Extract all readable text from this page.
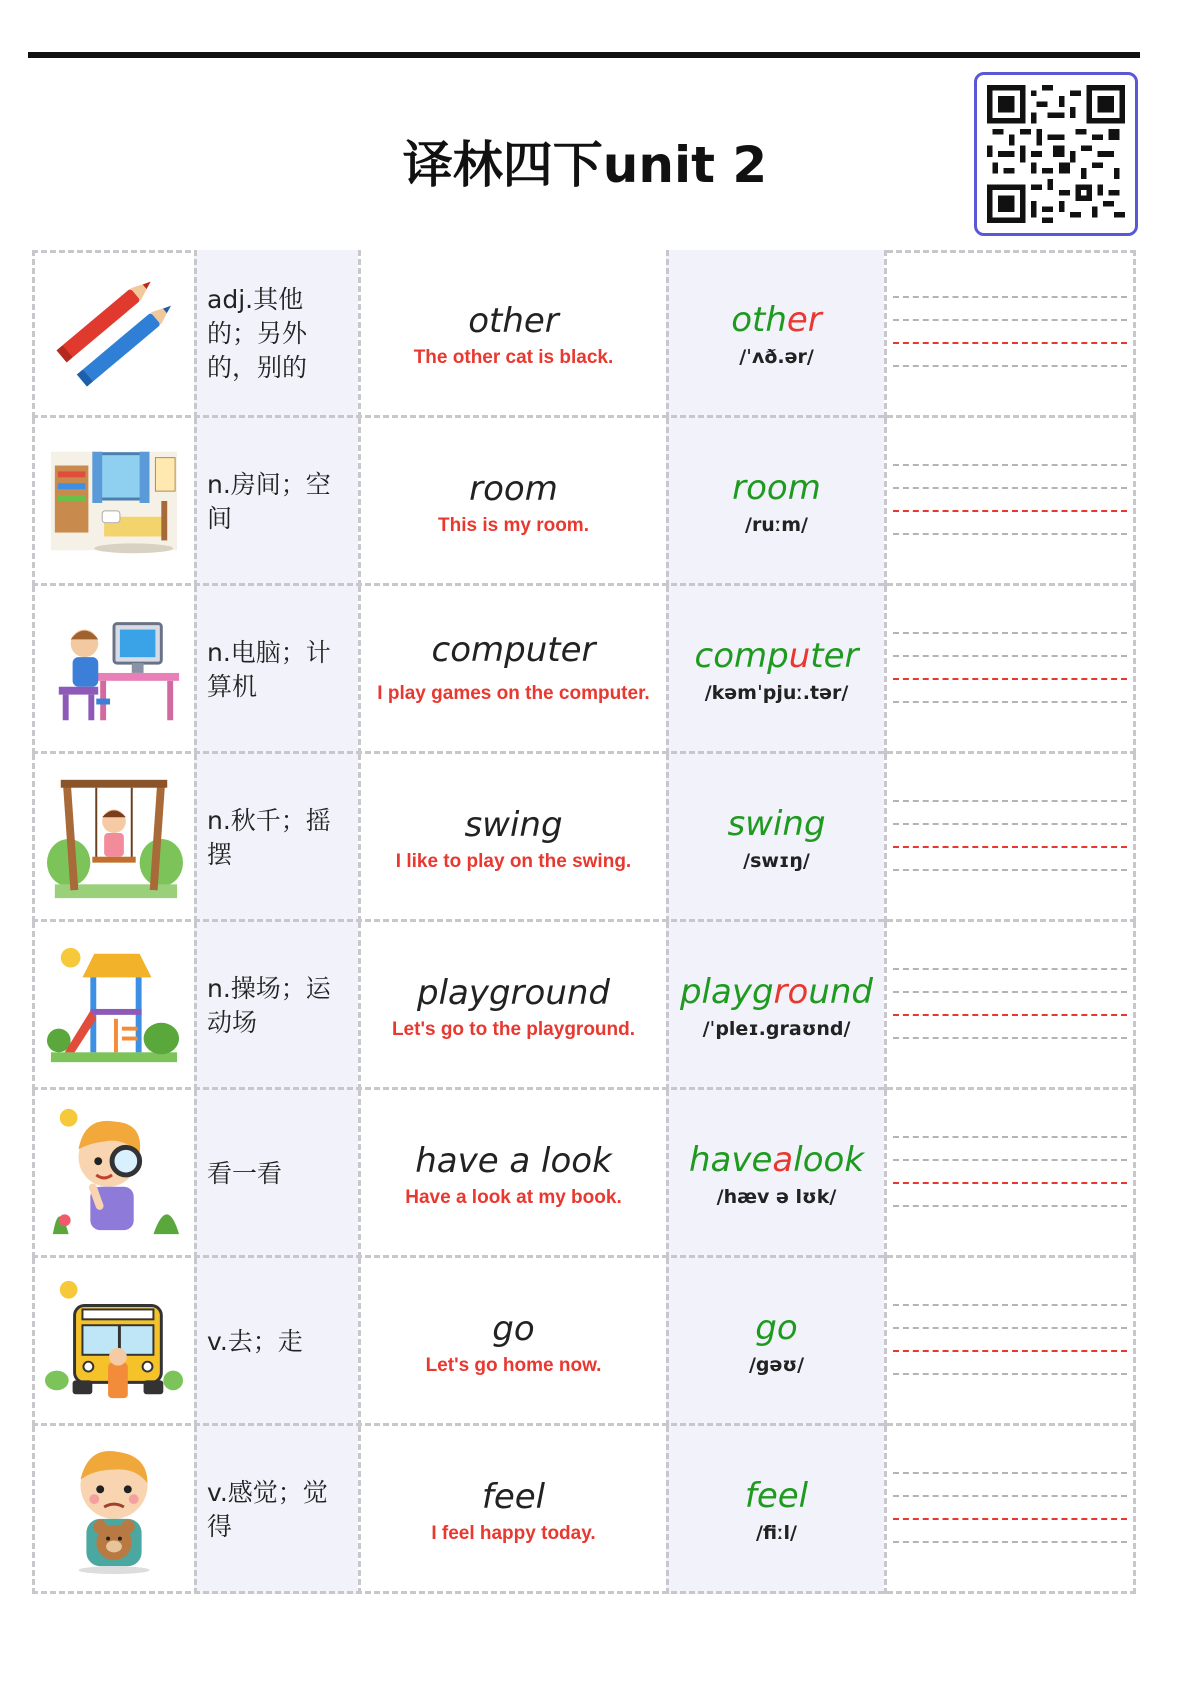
译林四下unit 2
adj.其他的；另外的，别的
other
The other cat is black.
other
/ˈʌð.ər/
n.房间；空间
room
This is my room.
room
/ruːm/
n.电脑；计算机
computer
I play games on the computer.
computer
/kəmˈpjuː.tər/
n.秋千；摇摆
swing
I like to play on the swing.
swing
/swɪŋ/
n.操场；运动场
playground
Let's go to the playground.
playground
/ˈpleɪ.graʊnd/
看一看	have a look
Have a look at my book.
havealook
/hæv ə lʊk/
v.去；走	go
Let's go home now.
go
/gəʊ/
v.感觉；觉得
feel
I feel happy today.
feel
/fiːl/
